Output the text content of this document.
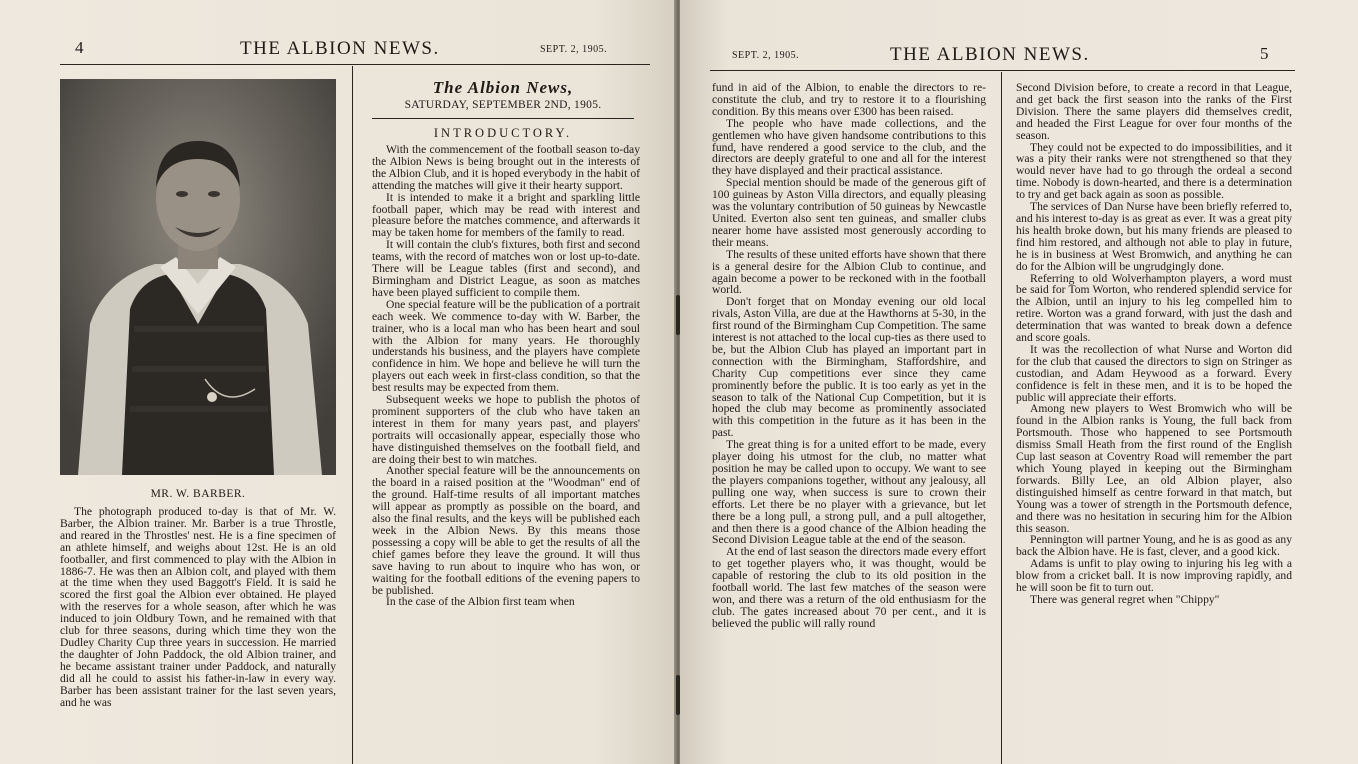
4	THE ALBION NEWS.	SEPT. 2, 1905.
MR. W. BARBER.

The photograph produced to-day is that of Mr. W. Barber, the Albion trainer. Mr. Barber is a true Throstle, and reared in the Throstles' nest. He is a fine specimen of an athlete himself, and weighs about 12st. He is an old footballer, and first commenced to play with the Albion in 1886-7. He was then an Albion colt, and played with them at the time when they used Baggott's Field. It is said he scored the first goal the Albion ever obtained. He played with the reserves for a whole season, after which he was induced to join Oldbury Town, and he remained with that club for three seasons, during which time they won the Dudley Charity Cup three years in succession. He married the daughter of John Paddock, the old Albion trainer, and he became assistant trainer under Paddock, and naturally did all he could to assist his father-in-law in every way. Barber has been assistant trainer for the last seven years, and he was

The Albion News,
SATURDAY, SEPTEMBER 2ND, 1905.
INTRODUCTORY.

With the commencement of the football season to-day the Albion News is being brought out in the interests of the Albion Club, and it is hoped everybody in the habit of attending the matches will give it their hearty support.

It is intended to make it a bright and sparkling little football paper, which may be read with interest and pleasure before the matches commence, and afterwards it may be taken home for members of the family to read.

It will contain the club's fixtures, both first and second teams, with the record of matches won or lost up-to-date. There will be League tables (first and second), and Birmingham and District League, as soon as matches have been played sufficient to compile them.

One special feature will be the publication of a portrait each week. We commence to-day with W. Barber, the trainer, who is a local man who has been heart and soul with the Albion for many years. He thoroughly understands his business, and the players have complete confidence in him. We hope and believe he will turn the players out each week in first-class condition, so that the best results may be expected from them.

Subsequent weeks we hope to publish the photos of prominent supporters of the club who have taken an interest in them for many years past, and players' portraits will occasionally appear, especially those who have distinguished themselves on the football field, and are doing their best to win matches.

Another special feature will be the announcements on the board in a raised position at the "Woodman" end of the ground. Half-time results of all important matches will appear as promptly as possible on the board, and also the final results, and the keys will be published each week in the Albion News. By this means those possessing a copy will be able to get the results of all the chief games before they leave the ground. It will thus save having to run about to inquire who has won, or waiting for the football editions of the evening papers to be published.

In the case of the Albion first team when

SEPT. 2, 1905.	THE ALBION NEWS.	5

fund in aid of the Albion, to enable the directors to re-constitute the club, and try to restore it to a flourishing condition. By this means over £300 has been raised.

The people who have made collections, and the gentlemen who have given handsome contributions to this fund, have rendered a good service to the club, and the directors are deeply grateful to one and all for the interest they have displayed and their practical assistance.

Special mention should be made of the generous gift of 100 guineas by Aston Villa directors, and equally pleasing was the voluntary contribution of 50 guineas by Newcastle United. Everton also sent ten guineas, and smaller clubs nearer home have assisted most generously according to their means.

The results of these united efforts have shown that there is a general desire for the Albion Club to continue, and again become a power to be reckoned with in the football world.

Don't forget that on Monday evening our old local rivals, Aston Villa, are due at the Hawthorns at 5-30, in the first round of the Birmingham Cup Competition. The same interest is not attached to the local cup-ties as there used to be, but the Albion Club has played an important part in connection with the Birmingham, Staffordshire, and Charity Cup competitions ever since they came prominently before the public. It is too early as yet in the season to talk of the National Cup Competition, but it is hoped the club may become as prominently associated with this competition in the future as it has been in the past.

The great thing is for a united effort to be made, every player doing his utmost for the club, no matter what position he may be called upon to occupy. We want to see the players companions together, without any jealousy, all pulling one way, when success is sure to crown their efforts. Let there be no player with a grievance, but let there be a long pull, a strong pull, and a pull altogether, and then there is a good chance of the Albion heading the Second Division League table at the end of the season.

At the end of last season the directors made every effort to get together players who, it was thought, would be capable of restoring the club to its old position in the football world. The last few matches of the season were won, and there was a return of the old enthusiasm for the club. The gates increased about 70 per cent., and it is believed the public will rally round

Second Division before, to create a record in that League, and get back the first season into the ranks of the First Division. There the same players did themselves credit, and headed the First League for over four months of the season.

They could not be expected to do impossibilities, and it was a pity their ranks were not strengthened so that they would never have had to go through the ordeal a second time. Nobody is down-hearted, and there is a determination to try and get back again as soon as possible.

The services of Dan Nurse have been briefly referred to, and his interest to-day is as great as ever. It was a great pity his health broke down, but his many friends are pleased to find him restored, and although not able to play in future, he is in business at West Bromwich, and anything he can do for the Albion will be ungrudgingly done.

Referring to old Wolverhampton players, a word must be said for Tom Worton, who rendered splendid service for the Albion, until an injury to his leg compelled him to retire. Worton was a grand forward, with just the dash and determination that was wanted to break down a defence and score goals.

It was the recollection of what Nurse and Worton did for the club that caused the directors to sign on Stringer as custodian, and Adam Heywood as a forward. Every confidence is felt in these men, and it is to be hoped the public will appreciate their efforts.

Among new players to West Bromwich who will be found in the Albion ranks is Young, the full back from Portsmouth. Those who happened to see Portsmouth dismiss Small Heath from the first round of the English Cup last season at Coventry Road will remember the part which Young played in keeping out the Birmingham forwards. Billy Lee, an old Albion player, also distinguished himself as centre forward in that match, but Young was a tower of strength in the Portsmouth defence, and there was no hesitation in securing him for the Albion this season.

Pennington will partner Young, and he is as good as any back the Albion have. He is fast, clever, and a good kick.

Adams is unfit to play owing to injuring his leg with a blow from a cricket ball. It is now improving rapidly, and he will soon be fit to turn out.

There was general regret when "Chippy"
